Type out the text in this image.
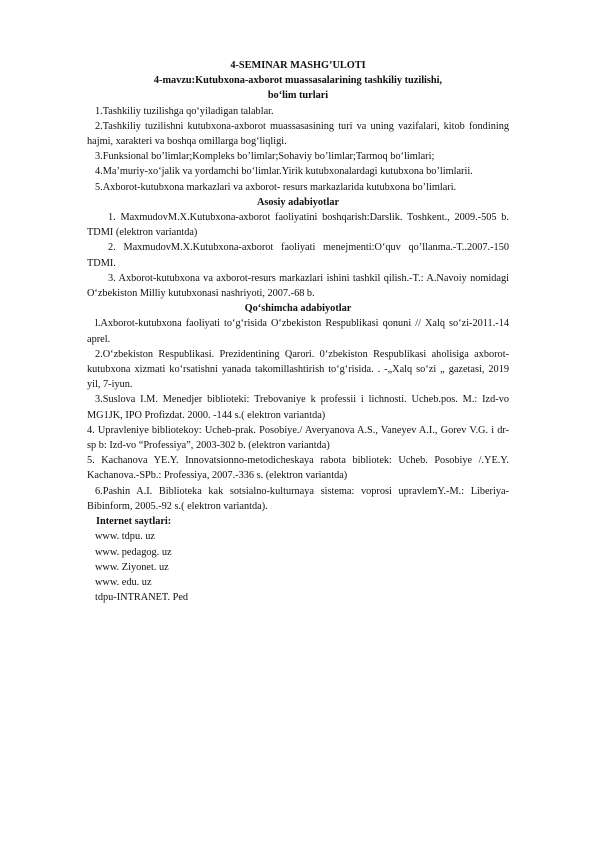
4-SEMINAR MASHG’ULOTI
4-mavzu:Kutubxona-axborot muassasalarining tashkiliy tuzilishi,
bo‘lim turlari
1.Tashkiliy tuzilishga qo‘yiladigan talablar.
2.Tashkiliy tuzilishni kutubxona-axborot muassasasining turi va uning vazifalari, kitob fondining hajmi, xarakteri va boshqa omillarga bog‘liqligi.
3.Funksional bo’limlar;Kompleks bo’limlar;Sohaviy bo’limlar;Tarmoq bo‘limlari;
4.Ma’muriy-xo‘jalik va yordamchi bo‘limlar.Yirik kutubxonalardagi kutubxona bo’limlarii.
5.Axborot-kutubxona markazlari va axborot- resurs markazlarida kutubxona bo’limlari.
Asosiy adabiyotlar
1. MaxmudovM.X.Kutubxona-axborot faoliyatini boshqarish:Darslik. Toshkent., 2009.-505 b. TDMI (elektron variantda)
2. MaxmudovM.X.Kutubxona-axborot faoliyati menejmenti:O‘quv qo’llanma.-T..2007.-150 TDMI.
3. Axborot-kutubxona va axborot-resurs markazlari ishini tashkil qilish.-T.: A.Navoiy nomidagi O‘zbekiston Milliy kutubxonasi nashriyoti, 2007.-68 b.
Qo‘shimcha adabiyotlar
l.Axborot-kutubxona faoliyati to‘g‘risida O‘zbekiston Respublikasi qonuni // Xalq so‘zi-2011.-14 aprel.
2.O‘zbekiston Respublikasi. Prezidentining Qarori. 0‘zbekiston Respublikasi aholisiga axborot-kutubxona xizmati ko‘rsatishni yanada takomillashtirish to‘g‘risida. . -„Xalq so‘zi „ gazetasi, 2019 yil, 7-iyun.
3.Suslova I.M. Menedjer biblioteki: Trebovaniye k professii i lichnosti. Ucheb.pos. M.: Izd-vo MG1JK, IPO Profizdat. 2000. -144 s.( elektron variantda)
4. Upravleniye bibliotekoy: Ucheb-prak. Posobiye./ Averyanova A.S., Vaneyev A.I., Gorev V.G. i dr-sp b: Izd-vo “Professiya”, 2003-302 b. (elektron variantda)
5. Kachanova YE.Y. Innovatsionno-metodicheskaya rabota bibliotek: Ucheb. Posobiye /.YE.Y. Kachanova.-SPb.: Professiya, 2007.-336 s. (elektron variantda)
6.Pashin A.I. Biblioteka kak sotsialno-kulturnaya sistema: voprosi upravlemY.-M.: Liberiya- Bibinform, 2005.-92 s.( elektron variantda).
Internet saytlari:
www. tdpu. uz
www. pedagog. uz
www. Ziyonet. uz
www. edu. uz
tdpu-INTRANET. Ped
